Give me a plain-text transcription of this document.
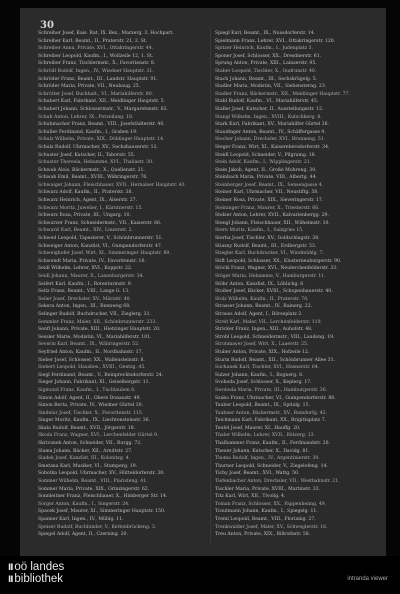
30
Schreiber Josef, Kais. Rat, IX. Bez., Marxerg. 3, Hochpart.
Schreiber Karl, Beamt., II., Praterstr. 21, 2. St.
Schreiber Anna, Private, XVI., Ottakringerstr. 44.
Schreiber Leopold, Kaufm., I., Wollzeile 12, 1. St.
Schreiber Franz, Tischlermstr., X., Favoritenstr. 8.
Schrödl Rudolf, Ingen., IV., Wiedner Hauptstr. 31.
Schröder Franz, Beamt., III., Landstr. Hauptstr. 91.
Schröder Maria, Private, VII., Neubaug. 25.
Schrötter Josef, Buchhalt., VI., Mariahilferstr. 80.
Schubert Karl, Fabrikant, XII., Meidlinger Hauptstr. 5.
Schubert Johann, Schlossermstr., V., Margaretenstr. 63.
Schuh Anton, Lehrer, IX., Porzellang. 18.
Schuhmacher Franz, Beamt., VIII., Josefstädterstr. 40.
Schuller Ferdinand, Kaufm., I., Graben 19.
Schulz Wilhelm, Private, XIX., Döblinger Hauptstr. 14.
Schulz Rudolf, Uhrmacher, XV., Sechshauserstr. 12.
Schuster Josef, Kutscher, II., Taborstr. 55.
Schuster Theresia, Hebamme, XVI., Thaliastr. 30.
Schwab Alois, Bäckermstr., X., Quellenstr. 21.
Schwab Emil, Beamt., XVIII., Währingerstr. 76.
Schwaiger Johann, Fleischhauer, XVII., Hernalser Hauptstr. 43.
Schwarz Adolf, Kaufm., II., Praterstr. 38.
Schwarz Heinrich, Agent, IX., Alserstr. 27.
Schwarz Moritz, Juwelier, I., Kärntnerstr. 15.
Schwarz Rosa, Private, III., Ungarg. 10.
Schwarzer Franz, Schneidermstr., VII., Kaiserstr. 66.
Schwarzl Karl, Beamt., XIV., Linzerstr. 2.
Schwed Leopold, Tapezierer, V., Schönbrunnerstr. 51.
Schweiger Anton, Kanzlist, VI., Gumpendorferstr. 47.
Schweighofer Josef, Wirt, XI., Simmeringer Hauptstr. 89.
Schwendt Maria, Private, IV., Favoritenstr. 16.
Seidl Wilhelm, Lehrer, XVI., Koppstr. 22.
Seidl Johann, Maurer, X., Laxenburgerstr. 34.
Seifert Karl, Kaufm., I., Rotenturmstr. 9.
Seitz Franz, Beamt., VIII., Lange G. 13.
Seiler Josef, Drechsler, XV., Märzstr. 40.
Sekera Anton, Ingen., III., Rennweg 68.
Selinger Rudolf, Buchdrucker, VII., Zieglerg. 31.
Semmler Franz, Maler, XII., Schönbrunnerstr. 233.
Senft Johann, Private, XIII., Hietzinger Hauptstr. 20.
Sessler Marie, Modistin, VI., Mariahilferstr. 101.
Severin Karl, Beamt., IX., Währingerstr. 52.
Seyfried Anton, Kaufm., II., Nordbahnstr. 17.
Sieber Josef, Schlosser, XX., Wallensteinstr. 8.
Siebert Leopold, Hausbes., XVIII., Gentzg. 45.
Siegl Ferdinand, Beamt., V., Reinprechtsdorferstr. 24.
Sieger Johann, Fabrikant, XI., Geiselbergstr. 11.
Sigmund Franz, Kaufm., I., Tuchlauben 6.
Simon Adolf, Agent, II., Obere Donaustr. 49.
Simon Berta, Private, IV., Wiedner Gürtel 30.
Sindelar Josef, Tischler, X., Favoritenstr. 115.
Singer Moritz, Kaufm., IX., Liechtensteinstr. 36.
Skala Rudolf, Beamt., XVII., Jörgerstr. 18.
Skoda Franz, Wagner, XVI., Lerchenfelder Gürtel 9.
Skrivanek Anton, Schneider, VII., Burgg. 72.
Slama Johann, Bäcker, XII., Arndtstr. 27.
Sladek Josef, Kanzlist, III., Kolonitzg. 4.
Smetana Karl, Musiker, VI., Stumperg. 19.
Sobotka Leopold, Uhrmacher, XV., Hütteldorferstr. 30.
Sommer Wilhelm, Beamt., VIII., Piaristeng. 41.
Sommer Maria, Private, XIX., Grinzingerstr. 62.
Sonnleitner Franz, Fleischhauer, X., Himberger Str. 14.
Sorger Anton, Kaufm., I., Singerstr. 24.
Spacek Josef, Maurer, XI., Simmeringer Hauptstr. 150.
Spanner Karl, Ingen., IV., Mühlg. 11.
Speiser Rudolf, Buchbinder, V., Kettenbrückeng. 3.
Spiegel Adolf, Agent, II., Czerning. 20.
Spiegl Karl, Beamt., IX., Nussdorferstr. 14.
Spielmann Franz, Lehrer, XVI., Ottakringerstr. 120.
Spitzer Heinrich, Kaufm., I., Judenplatz 3.
Sponer Josef, Schlosser, XX., Dresdnerstr. 61.
Sprung Anton, Private, XIII., Lainzerstr. 95.
Staber Leopold, Tischler, X., Gudrunstr. 40.
Stach Johann, Beamt., III., Sechskrügelg. 5.
Stadler Maria, Modistin, VII., Siebensterng. 23.
Stadler Franz, Bäckermstr., XII., Meidlinger Hauptstr. 77.
Stahl Rudolf, Kaufm., VI., Mariahilferstr. 45.
Staller Josef, Kutscher, II., Ausstellungsstr. 12.
Stangl Wilhelm, Ingen., XVIII., Kutschkerg. 8.
Stark Karl, Fabrikant, XV., Mariahilfer Gürtel 26.
Staudinger Anton, Beamt., IV., Schäffergasse 9.
Stecher Johann, Drechsler, XVI., Brunneng. 51.
Steger Franz, Wirt, XI., Kaiserebersdorferstr. 34.
Steidl Leopold, Schneider, V., Pilgramg. 18.
Stein Adolf, Kaufm., I., Wipplingerstr. 21.
Stein Jakob, Agent, II., Große Mohreng. 30.
Steinbach Maria, Private, VIII., Albertg. 44.
Steinberger Josef, Beamt., IX., Sensengasse 4.
Steiner Karl, Uhrmacher, VII., Neustiftg. 58.
Steiner Rosa, Private, XIX., Sieveringerstr. 17.
Steininger Franz, Maurer, X., Triesterstr. 66.
Stelzer Anton, Lehrer, XVII., Kalvarienbergg. 29.
Stengl Johann, Fleischhauer, XII., Wilhelmstr. 10.
Stern Moritz, Kaufm., I., Salzgries 15.
Sterba Josef, Tischler, XV., Goldschlagstr. 38.
Stiasny Rudolf, Beamt., III., Erdbergstr. 53.
Stiegler Karl, Buchdrucker, VI., Windmühlg. 7.
Stift Leopold, Schlosser, XX., Klosterneuburgerstr. 90.
Stöckl Franz, Wagner, XVI., Neulerchenfelderstr. 33.
Stöger Maria, Hebamme, V., Hamburgerstr. 11.
Stöhr Anton, Kanzlist, IX., Löblichg. 6.
Stoiber Josef, Bäcker, XVIII., Schopenhauerstr. 40.
Stolz Wilhelm, Kaufm., II., Praterstr. 70.
Strasser Johann, Beamt., IV., Rainerg. 22.
Strauss Adolf, Agent, I., Börseplatz 2.
Streit Karl, Maler, VII., Lerchenfelderstr. 119.
Stricker Franz, Ingen., XIII., Auhofstr. 48.
Strobl Leopold, Schneidermstr., VIII., Laudong. 19.
Strohmayer Josef, Wirt, X., Laaerstr. 25.
Stuber Anton, Private, XIX., Hofzeile 12.
Sturm Rudolf, Beamt., XII., Schönbrunner Allee 31.
Suchanek Karl, Tischler, XVI., Hasnerstr. 64.
Sulzer Johann, Kaufm., I., Bognerg. 8.
Svoboda Josef, Schlosser, X., Keplerg. 17.
Swoboda Maria, Private, III., Hainburgerstr. 36.
Szabo Franz, Uhrmacher, VI., Gumpendorferstr. 88.
Tauber Leopold, Beamt., IX., Spitalg. 15.
Taubner Anton, Bäckermstr., XV., Reindorfg. 42.
Teichmann Karl, Fabrikant, XX., Brigittaplatz 7.
Teufel Josef, Maurer, XI., Hauffg. 20.
Thaler Wilhelm, Lehrer, XVII., Rötzerg. 13.
Thalhammer Franz, Kaufm., II., Ferdinandstr. 26.
Theuer Johann, Kutscher, X., Davidg. 81.
Thoma Rudolf, Ingen., IV., Argentinierstr. 39.
Thurner Leopold, Schneider, V., Ziegelofeng. 14.
Tichy Josef, Beamt., XVI., Wattg. 50.
Tiefenbacher Anton, Drechsler, VII., Westbahnstr. 21.
Tischler Maria, Private, XVIII., Martinstr. 33.
Titz Karl, Wirt, XII., Tivolig. 4.
Toman Franz, Schlosser, XX., Pappenheimg. 49.
Trautmann Johann, Kaufm., I., Spiegelg. 11.
Treml Leopold, Beamt., VIII., Florianig. 27.
Trenkwalder Josef, Maler, XV., Schweglerstr. 16.
Treu Anton, Private, XIX., Billrothstr. 58.
ıı oö landes
ıı bibliothek	intranda viewer
